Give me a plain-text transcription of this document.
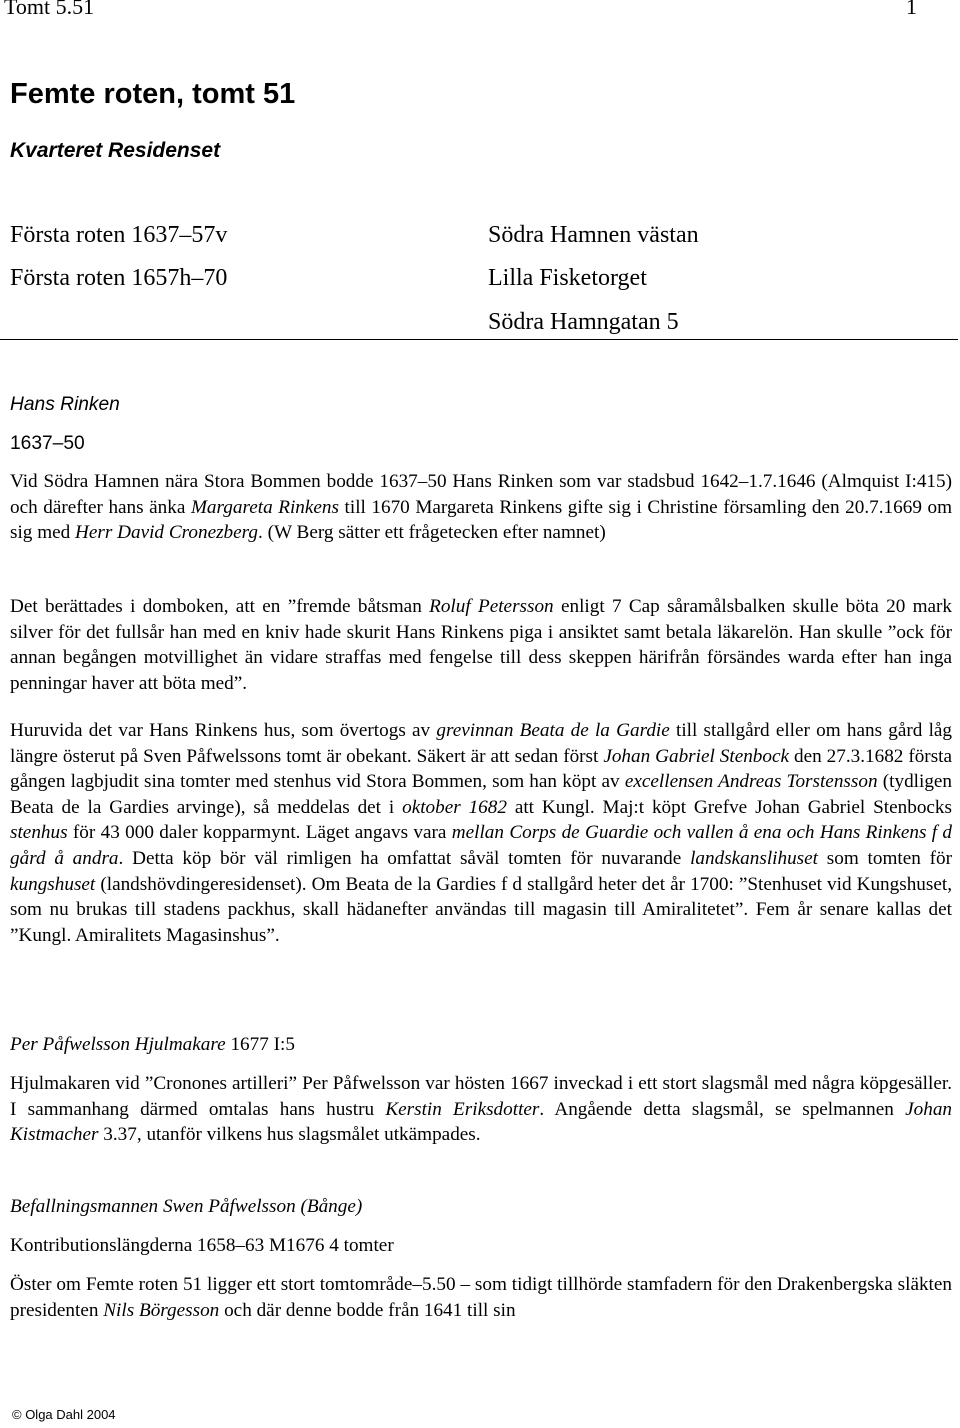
Tomt 5.51	1
Femte roten, tomt 51
Kvarteret Residenset
Första roten 1637–57v
Första roten 1657h–70
Södra Hamnen västan
Lilla Fisketorget
Södra Hamngatan 5
Hans Rinken
1637–50
Vid Södra Hamnen nära Stora Bommen bodde 1637–50 Hans Rinken som var stadsbud 1642–1.7.1646 (Almquist I:415) och därefter hans änka Margareta Rinkens till 1670 Margareta Rinkens gifte sig i Christine församling den 20.7.1669 om sig med Herr David Cronezberg. (W Berg sätter ett frågetecken efter namnet)
Det berättades i domboken, att en ”fremde båtsman Roluf Petersson enligt 7 Cap såramålsbalken skulle böta 20 mark silver för det fullsår han med en kniv hade skurit Hans Rinkens piga i ansiktet samt betala läkarelön. Han skulle ”ock för annan begången motvillighet än vidare straffas med fengelse till dess skeppen härifrån försändes warda efter han inga penningar haver att böta med”.
Huruvida det var Hans Rinkens hus, som övertogs av grevinnan Beata de la Gardie till stallgård eller om hans gård låg längre österut på Sven Påfwelssons tomt är obekant. Säkert är att sedan först Johan Gabriel Stenbock den 27.3.1682 första gången lagbjudit sina tomter med stenhus vid Stora Bommen, som han köpt av excellensen Andreas Torstensson (tydligen Beata de la Gardies arvinge), så meddelas det i oktober 1682 att Kungl. Maj:t köpt Grefve Johan Gabriel Stenbocks stenhus för 43 000 daler kopparmynt. Läget angavs vara mellan Corps de Guardie och vallen å ena och Hans Rinkens f d gård å andra. Detta köp bör väl rimligen ha omfattat såväl tomten för nuvarande landskanslihuset som tomten för kungshuset (landshövdingeresidenset). Om Beata de la Gardies f d stallgård heter det år 1700: ”Stenhuset vid Kungshuset, som nu brukas till stadens packhus, skall hädanefter användas till magasin till Amiralitetet”. Fem år senare kallas det ”Kungl. Amiralitets Magasinshus”.
Per Påfwelsson Hjulmakare 1677 I:5
Hjulmakaren vid ”Cronones artilleri” Per Påfwelsson var hösten 1667 inveckad i ett stort slagsmål med några köpgesäller. I sammanhang därmed omtalas hans hustru Kerstin Eriksdotter. Angående detta slagsmål, se spelmannen Johan Kistmacher 3.37, utanför vilkens hus slagsmålet utkämpades.
Befallningsmannen Swen Påfwelsson (Bånge)
Kontributionslängderna 1658–63 M1676 4 tomter
Öster om Femte roten 51 ligger ett stort tomtområde–5.50 – som tidigt tillhörde stamfadern för den Drakenbergska släkten presidenten Nils Börgesson och där denne bodde från 1641 till sin
© Olga Dahl 2004
